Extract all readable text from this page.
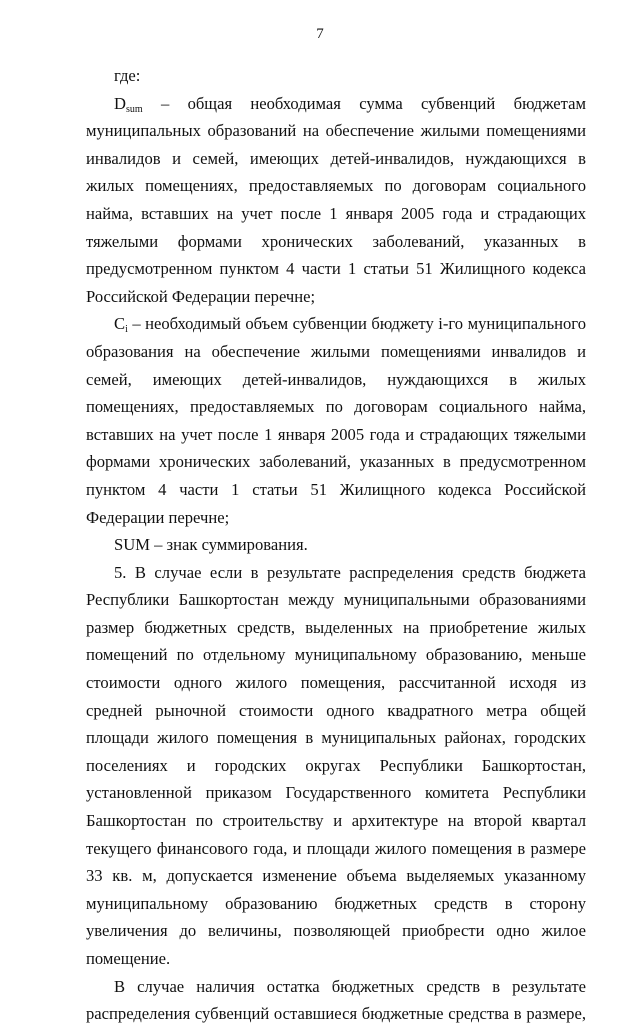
7

где:

$D_{sum}$ – общая необходимая сумма субвенций бюджетам муниципальных образований на обеспечение жилыми помещениями инвалидов и семей, имеющих детей-инвалидов, нуждающихся в жилых помещениях, предоставляемых по договорам социального найма, вставших на учет после 1 января 2005 года и страдающих тяжелыми формами хронических заболеваний, указанных в предусмотренном пунктом 4 части 1 статьи 51 Жилищного кодекса Российской Федерации перечне;

$C_i$ – необходимый объем субвенции бюджету i-го муниципального образования на обеспечение жилыми помещениями инвалидов и семей, имеющих детей-инвалидов, нуждающихся в жилых помещениях, предоставляемых по договорам социального найма, вставших на учет после 1 января 2005 года и страдающих тяжелыми формами хронических заболеваний, указанных в предусмотренном пунктом 4 части 1 статьи 51 Жилищного кодекса Российской Федерации перечне;

SUM – знак суммирования.

5. В случае если в результате распределения средств бюджета Республики Башкортостан между муниципальными образованиями размер бюджетных средств, выделенных на приобретение жилых помещений по отдельному муниципальному образованию, меньше стоимости одного жилого помещения, рассчитанной исходя из средней рыночной стоимости одного квадратного метра общей площади жилого помещения в муниципальных районах, городских поселениях и городских округах Республики Башкортостан, установленной приказом Государственного комитета Республики Башкортостан по строительству и архитектуре на второй квартал текущего финансового года, и площади жилого помещения в размере 33 кв. м, допускается изменение объема выделяемых указанному муниципальному образованию бюджетных средств в сторону увеличения до величины, позволяющей приобрести одно жилое помещение.

В случае наличия остатка бюджетных средств в результате распределения субвенций оставшиеся бюджетные средства в размере,
